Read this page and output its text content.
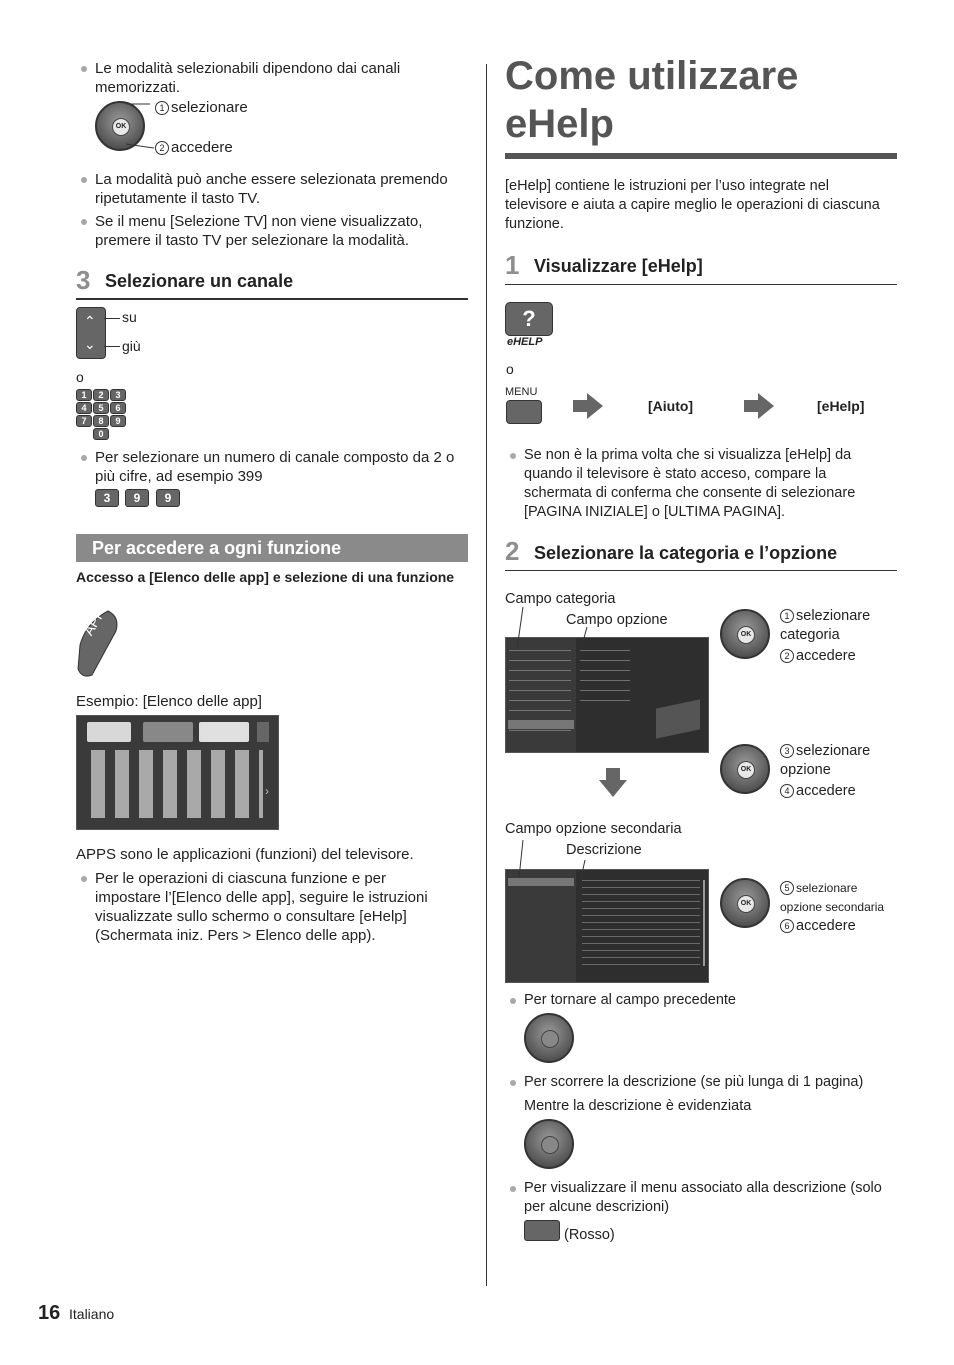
Le modalità selezionabili dipendono dai canali memorizzati.
OK
1 selezionare
2 accedere
La modalità può anche essere selezionata premendo ripetutamente il tasto TV.
Se il menu [Selezione TV] non viene visualizzato, premere il tasto TV per selezionare la modalità.
3 Selezionare un canale
⌃
⌄
su
giù
o
1	2	3
4	5	6
7	8	9
0
Per selezionare un numero di canale composto da 2 o più cifre, ad esempio 399
3	9	9
Per accedere a ogni funzione
Accesso a [Elenco delle app] e selezione di una funzione
APPS
Esempio: [Elenco delle app]
›
APPS sono le applicazioni (funzioni) del televisore.
Per le operazioni di ciascuna funzione e per impostare l’[Elenco delle app], seguire le istruzioni visualizzate sullo schermo o consultare [eHelp] (Schermata iniz. Pers > Elenco delle app).
Come utilizzare
eHelp
[eHelp] contiene le istruzioni per l’uso integrate nel televisore e aiuta a capire meglio le operazioni di ciascuna funzione.
1 Visualizzare [eHelp]
?
eHELP
o
MENU
[Aiuto]	[eHelp]
Se non è la prima volta che si visualizza [eHelp] da quando il televisore è stato acceso, compare la schermata di conferma che consente di selezionare [PAGINA INIZIALE] o [ULTIMA PAGINA].
2 Selezionare la categoria e l’opzione
Campo categoria
Campo opzione
OK
1 selezionare categoria
2 accedere
OK
3 selezionare opzione
4 accedere
Campo opzione secondaria
Descrizione
OK
5 selezionare opzione secondaria
6 accedere
Per tornare al campo precedente
Per scorrere la descrizione (se più lunga di 1 pagina)
Mentre la descrizione è evidenziata
Per visualizzare il menu associato alla descrizione (solo per alcune descrizioni)
(Rosso)
16 Italiano
